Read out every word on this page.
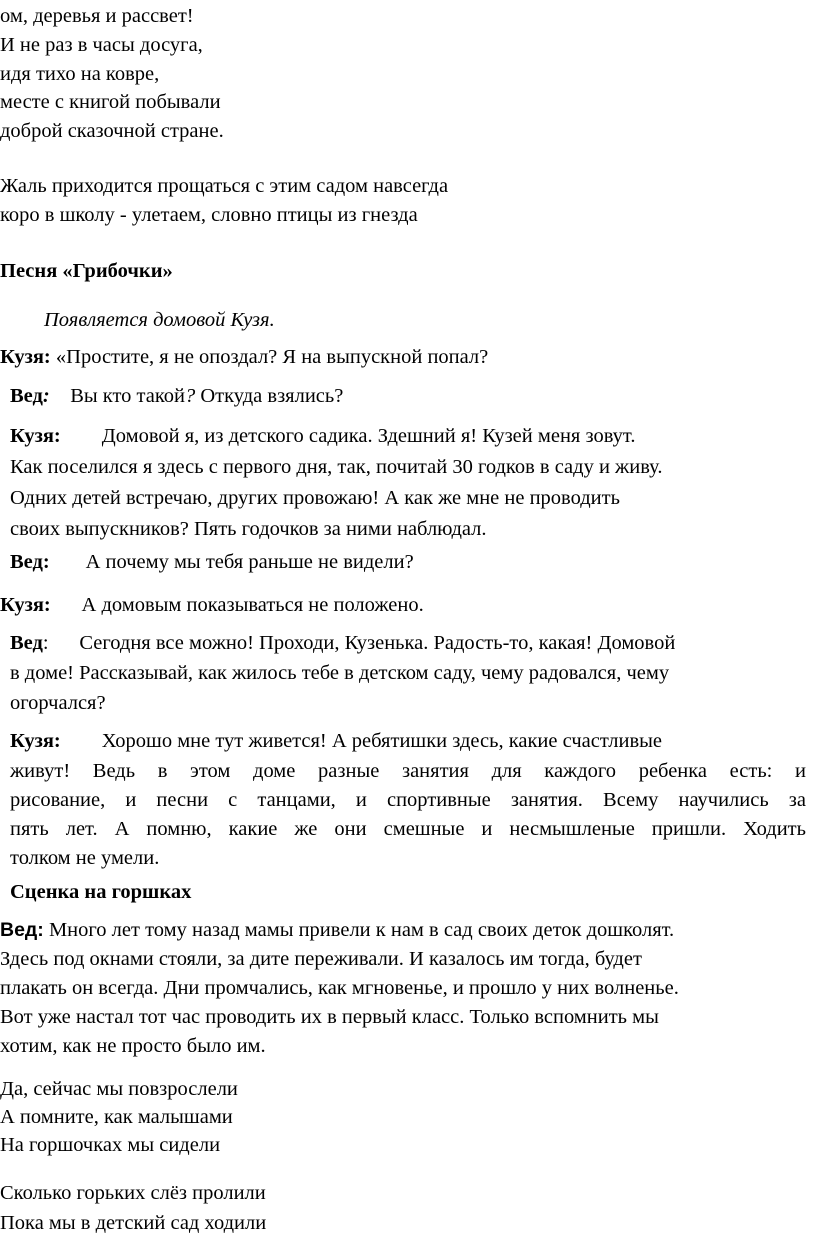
ом, деревья и рассвет!
И не раз в часы досуга,
идя тихо на ковре,
месте с книгой побывали
доброй сказочной стране.
Жаль приходится прощаться с этим садом навсегда
коро в школу - улетаем, словно птицы из гнезда
Песня «Грибочки»
Появляется домовой Кузя.
Кузя: «Простите, я не опоздал? Я на выпускной попал?
Вед:    Вы кто такой? Откуда взялись?
Кузя:        Домовой я, из детского садика. Здешний я! Кузей меня зовут.
Как поселился я здесь с первого дня, так, почитай 30 годков в саду и живу.
Одних детей встречаю, других провожаю! А как же мне не проводить
своих выпускников? Пять годочков за ними наблюдал.
Вед:       А почему мы тебя раньше не видели?
Кузя:      А домовым показываться не положено.
Вед:      Сегодня все можно! Проходи, Кузенька. Радость-то, какая! Домовой
в доме! Рассказывай, как жилось тебе в детском саду, чему радовался, чему
огорчался?
Кузя:        Хорошо мне тут живется! А ребятишки здесь, какие счастливые
живут! Ведь в этом доме разные занятия для каждого ребенка есть: и
рисование, и песни с танцами, и спортивные занятия. Всему научились за
пять лет. А помню, какие же они смешные и несмышленые пришли. Ходить
толком не умели.
Сценка на горшках
Вед: Много лет тому назад мамы привели к нам в сад своих деток дошколят.
Здесь под окнами стояли, за дите переживали. И казалось им тогда, будет
плакать он всегда. Дни промчались, как мгновенье, и прошло у них волненье.
Вот уже настал тот час проводить их в первый класс. Только вспомнить мы
хотим, как не просто было им.
Да, сейчас мы повзрослели
А помните, как малышами
На горшочках мы сидели
Сколько горьких слёз пролили
Пока мы в детский сад ходили
